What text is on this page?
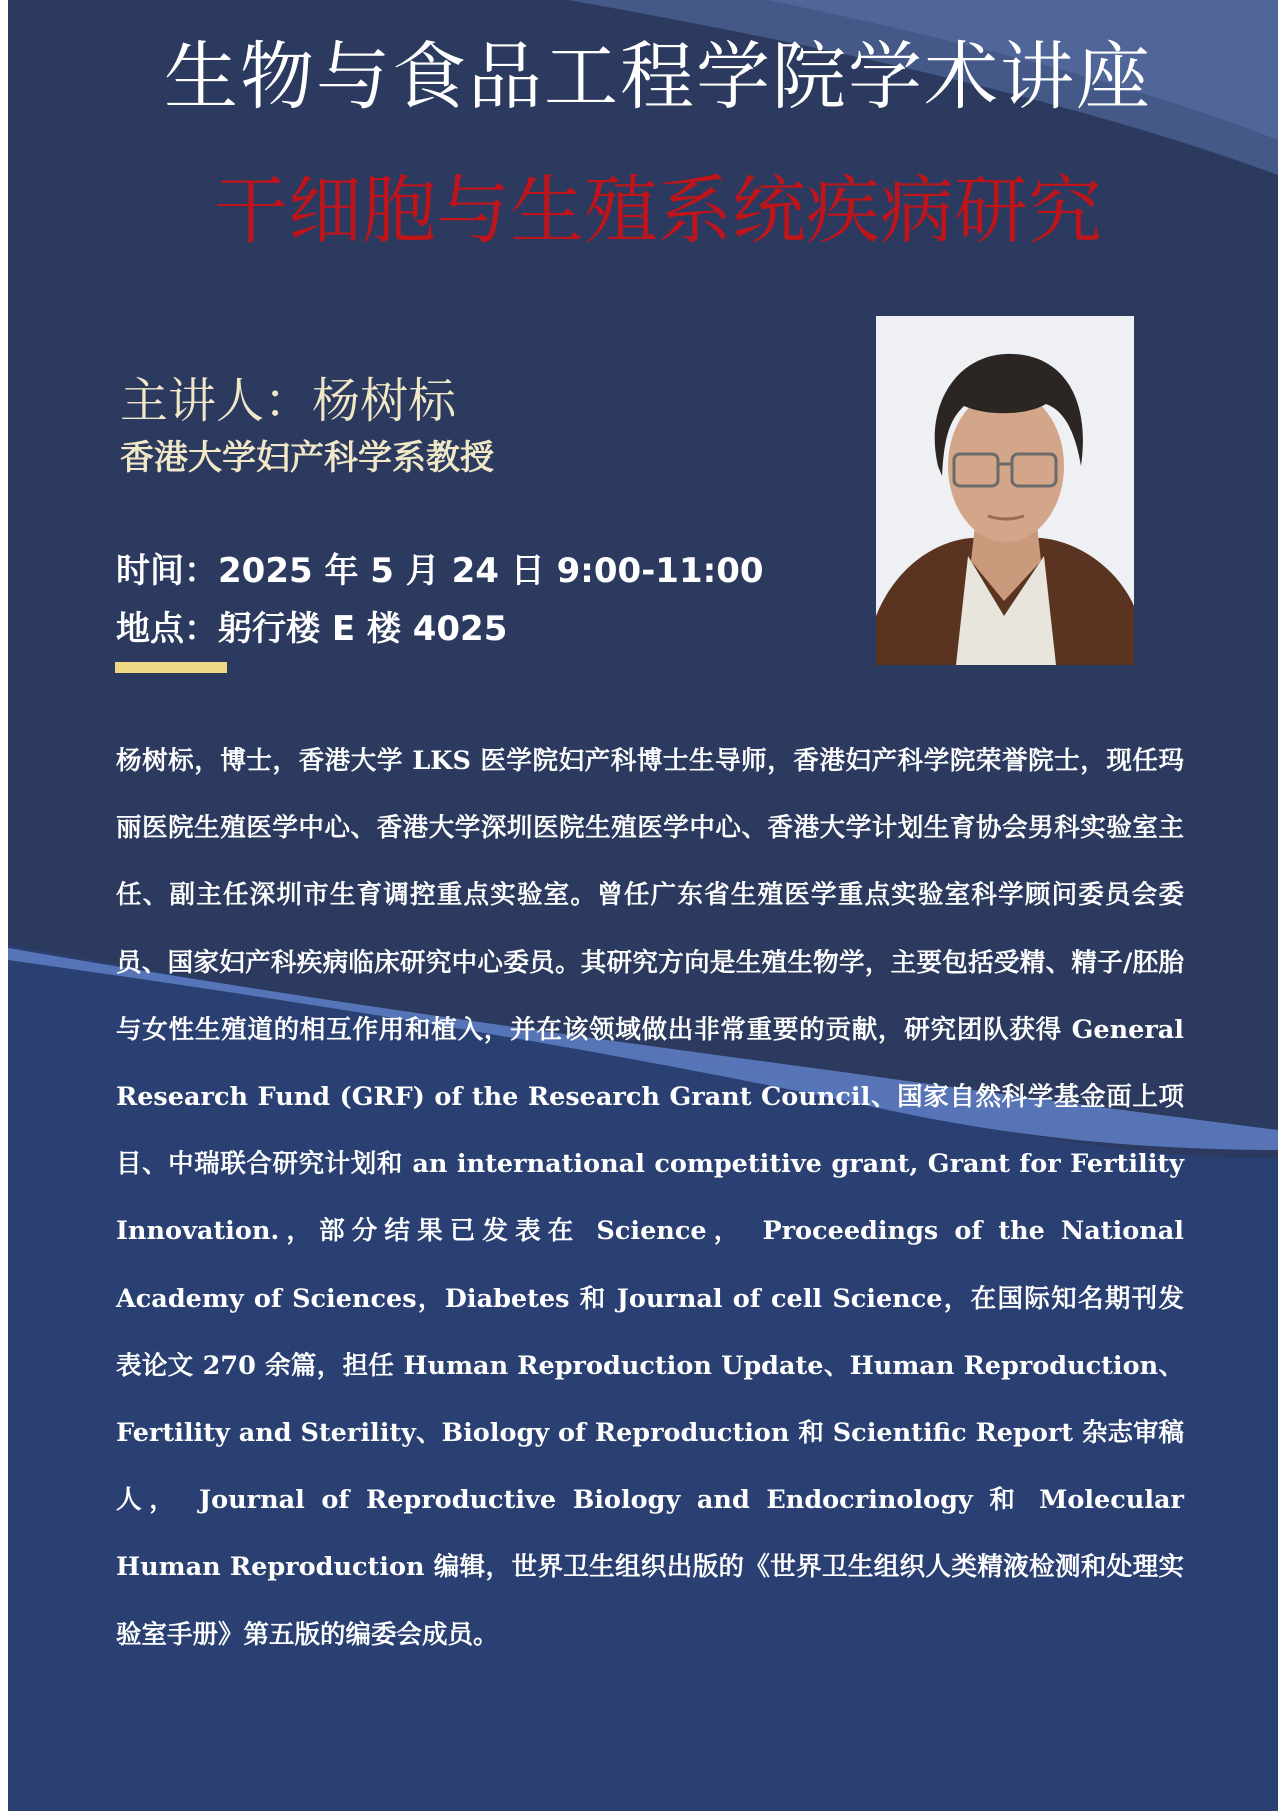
生物与食品工程学院学术讲座
干细胞与生殖系统疾病研究
主讲人：杨树标
香港大学妇产科学系教授
时间：2025 年 5 月 24 日 9:00-11:00
地点：躬行楼 E 楼 4025
杨树标，博士，香港大学 LKS 医学院妇产科博士生导师，香港妇产科学院荣誉院士，现任玛丽医院生殖医学中心、香港大学深圳医院生殖医学中心、香港大学计划生育协会男科实验室主任、副主任深圳市生育调控重点实验室。曾任广东省生殖医学重点实验室科学顾问委员会委员、国家妇产科疾病临床研究中心委员。其研究方向是生殖生物学，主要包括受精、精子/胚胎与女性生殖道的相互作用和植入，并在该领域做出非常重要的贡献，研究团队获得 General Research Fund (GRF) of the Research Grant Council、国家自然科学基金面上项目、中瑞联合研究计划和 an international competitive grant, Grant for Fertility Innovation.，部分结果已发表在 Science， Proceedings of the National Academy of Sciences，Diabetes 和 Journal of cell Science，在国际知名期刊发表论文 270 余篇，担任 Human Reproduction Update、Human Reproduction、Fertility and Sterility、Biology of Reproduction 和 Scientific Report 杂志审稿人， Journal of Reproductive Biology and Endocrinology 和 Molecular Human Reproduction 编辑，世界卫生组织出版的《世界卫生组织人类精液检测和处理实验室手册》第五版的编委会成员。
